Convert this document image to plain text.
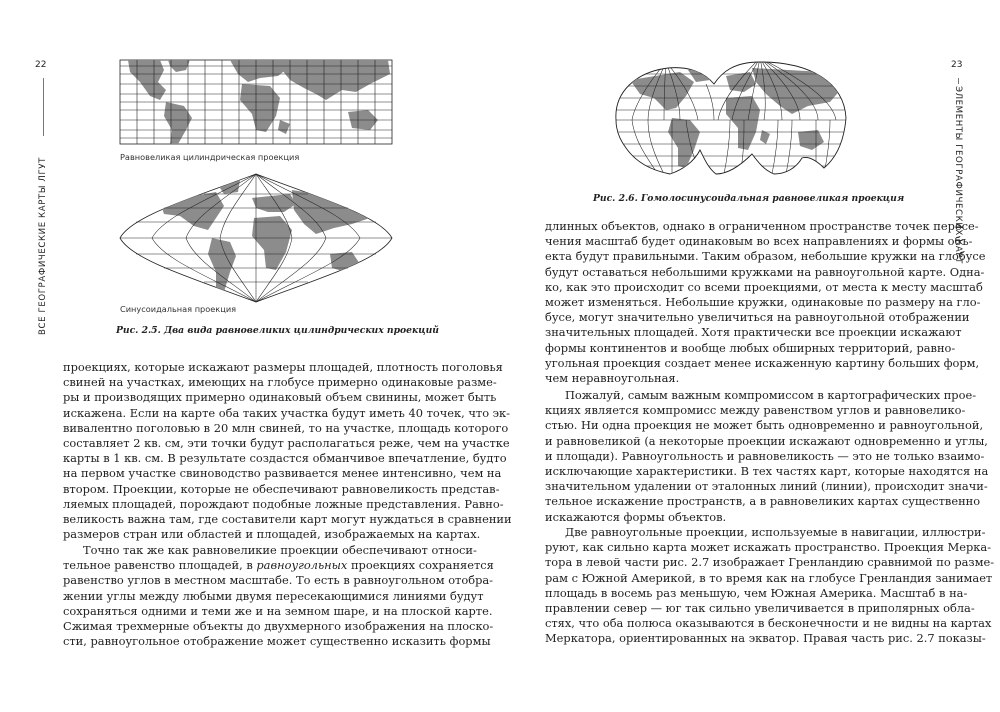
22
ВСЕ ГЕОГРАФИЧЕСКИЕ КАРТЫ ЛГУТ
Равновеликая цилиндрическая проекция
Синусоидальная проекция
Рис. 2.5. Два вида равновеликих цилиндрических проекций
проекциях, которые искажают размеры площадей, плотность поголовья
свиней на участках, имеющих на глобусе примерно одинаковые разме-
ры и производящих примерно одинаковый объем свинины, может быть
искажена. Если на карте оба таких участка будут иметь 40 точек, что эк-
вивалентно поголовью в 20 млн свиней, то на участке, площадь которого
составляет 2 кв. см, эти точки будут располагаться реже, чем на участке
карты в 1 кв. см. В результате создастся обманчивое впечатление, будто
на первом участке свиноводство развивается менее интенсивно, чем на
втором. Проекции, которые не обеспечивают равновеликость представ-
ляемых площадей, порождают подобные ложные представления. Равно-
великость важна там, где составители карт могут нуждаться в сравнении
размеров стран или областей и площадей, изображаемых на картах.
Точно так же как равновеликие проекции обеспечивают относи-
тельное равенство площадей, в равноугольных проекциях сохраняется
равенство углов в местном масштабе. То есть в равноугольном отобра-
жении углы между любыми двумя пересекающимися линиями будут
сохраняться одними и теми же и на земном шаре, и на плоской карте.
Сжимая трехмерные объекты до двухмерного изображения на плоско-
сти, равноугольное отображение может существенно исказить формы
23
ЭЛЕМЕНТЫ ГЕОГРАФИЧЕСКИХ КАРТ
Рис. 2.6. Гомолосинусоидальная равновеликая проекция
длинных объектов, однако в ограниченном пространстве точек пересе-
чения масштаб будет одинаковым во всех направлениях и формы объ-
екта будут правильными. Таким образом, небольшие кружки на глобусе
будут оставаться небольшими кружками на равноугольной карте. Одна-
ко, как это происходит со всеми проекциями, от места к месту масштаб
может изменяться. Небольшие кружки, одинаковые по размеру на гло-
бусе, могут значительно увеличиться на равноугольной отображении
значительных площадей. Хотя практически все проекции искажают
формы континентов и вообще любых обширных территорий, равно-
угольная проекция создает менее искаженную картину больших форм,
чем неравноугольная.
Пожалуй, самым важным компромиссом в картографических прое-
кциях является компромисс между равенством углов и равновелико-
стью. Ни одна проекция не может быть одновременно и равноугольной,
и равновеликой (а некоторые проекции искажают одновременно и углы,
и площади). Равноугольность и равновеликость — это не только взаимо-
исключающие характеристики. В тех частях карт, которые находятся на
значительном удалении от эталонных линий (линии), происходит значи-
тельное искажение пространств, а в равновеликих картах существенно
искажаются формы объектов.
Две равноугольные проекции, используемые в навигации, иллюстри-
руют, как сильно карта может искажать пространство. Проекция Мерка-
тора в левой части рис. 2.7 изображает Гренландию сравнимой по разме-
рам с Южной Америкой, в то время как на глобусе Гренландия занимает
площадь в восемь раз меньшую, чем Южная Америка. Масштаб в на-
правлении север — юг так сильно увеличивается в приполярных обла-
стях, что оба полюса оказываются в бесконечности и не видны на картах
Меркатора, ориентированных на экватор. Правая часть рис. 2.7 показы-
